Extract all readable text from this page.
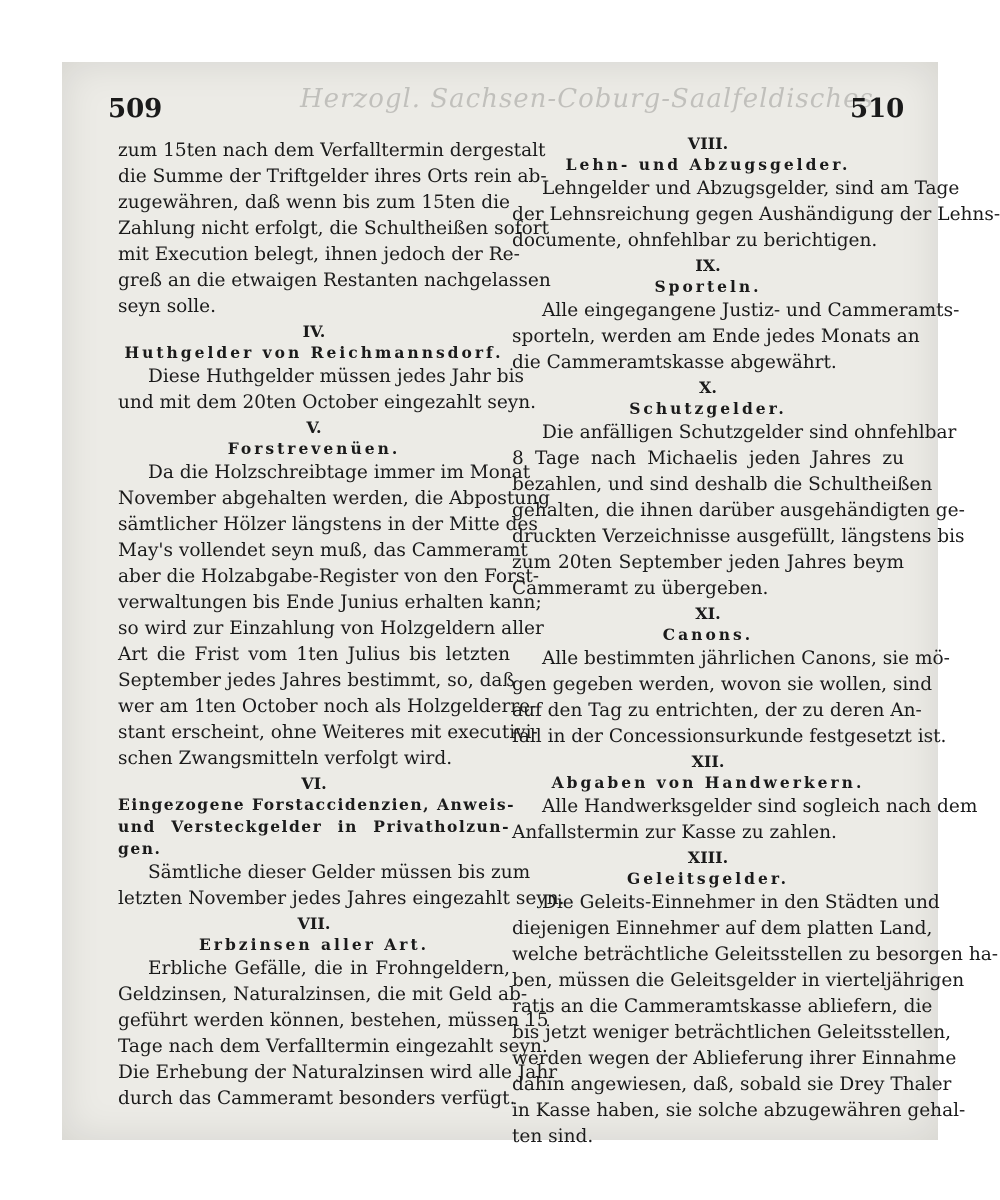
Herzogl. Sachsen-Coburg-Saalfeldisches
509	510
zum 15ten nach dem Verfalltermin dergestalt
die Summe der Triftgelder ihres Orts rein ab-
zugewähren, daß wenn bis zum 15ten die
Zahlung nicht erfolgt, die Schultheißen sofort
mit Execution belegt, ihnen jedoch der Re-
greß an die etwaigen Restanten nachgelassen
seyn solle.
IV.
Huthgelder von Reichmannsdorf.
Diese Huthgelder müssen jedes Jahr bis
und mit dem 20ten October eingezahlt seyn.
V.
Forstrevenüen.
Da die Holzschreibtage immer im Monat
November abgehalten werden, die Abpostung
sämtlicher Hölzer längstens in der Mitte des
May's vollendet seyn muß, das Cammeramt
aber die Holzabgabe-Register von den Forst-
verwaltungen bis Ende Junius erhalten kann;
so wird zur Einzahlung von Holzgeldern aller
Art die Frist vom 1ten Julius bis letzten
September jedes Jahres bestimmt, so, daß
wer am 1ten October noch als Holzgelderre-
stant erscheint, ohne Weiteres mit executivi-
schen Zwangsmitteln verfolgt wird.
VI.
Eingezogene Forstaccidenzien, Anweis-
und Versteckgelder in Privatholzun-
gen.
Sämtliche dieser Gelder müssen bis zum
letzten November jedes Jahres eingezahlt seyn.
VII.
Erbzinsen aller Art.
Erbliche Gefälle, die in Frohngeldern,
Geldzinsen, Naturalzinsen, die mit Geld ab-
geführt werden können, bestehen, müssen 15
Tage nach dem Verfalltermin eingezahlt seyn.
Die Erhebung der Naturalzinsen wird alle Jahr
durch das Cammeramt besonders verfügt.
VIII.
Lehn- und Abzugsgelder.
Lehngelder und Abzugsgelder, sind am Tage
der Lehnsreichung gegen Aushändigung der Lehns-
documente, ohnfehlbar zu berichtigen.
IX.
Sporteln.
Alle eingegangene Justiz- und Cammeramts-
sporteln, werden am Ende jedes Monats an
die Cammeramtskasse abgewährt.
X.
Schutzgelder.
Die anfälligen Schutzgelder sind ohnfehlbar
8 Tage nach Michaelis jeden Jahres zu
bezahlen, und sind deshalb die Schultheißen
gehalten, die ihnen darüber ausgehändigten ge-
druckten Verzeichnisse ausgefüllt, längstens bis
zum 20ten September jeden Jahres beym
Cammeramt zu übergeben.
XI.
Canons.
Alle bestimmten jährlichen Canons, sie mö-
gen gegeben werden, wovon sie wollen, sind
auf den Tag zu entrichten, der zu deren An-
fall in der Concessionsurkunde festgesetzt ist.
XII.
Abgaben von Handwerkern.
Alle Handwerksgelder sind sogleich nach dem
Anfallstermin zur Kasse zu zahlen.
XIII.
Geleitsgelder.
Die Geleits-Einnehmer in den Städten und
diejenigen Einnehmer auf dem platten Land,
welche beträchtliche Geleitsstellen zu besorgen ha-
ben, müssen die Geleitsgelder in vierteljährigen
ratis an die Cammeramtskasse abliefern, die
bis jetzt weniger beträchtlichen Geleitsstellen,
werden wegen der Ablieferung ihrer Einnahme
dahin angewiesen, daß, sobald sie Drey Thaler
in Kasse haben, sie solche abzugewähren gehal-
ten sind.
